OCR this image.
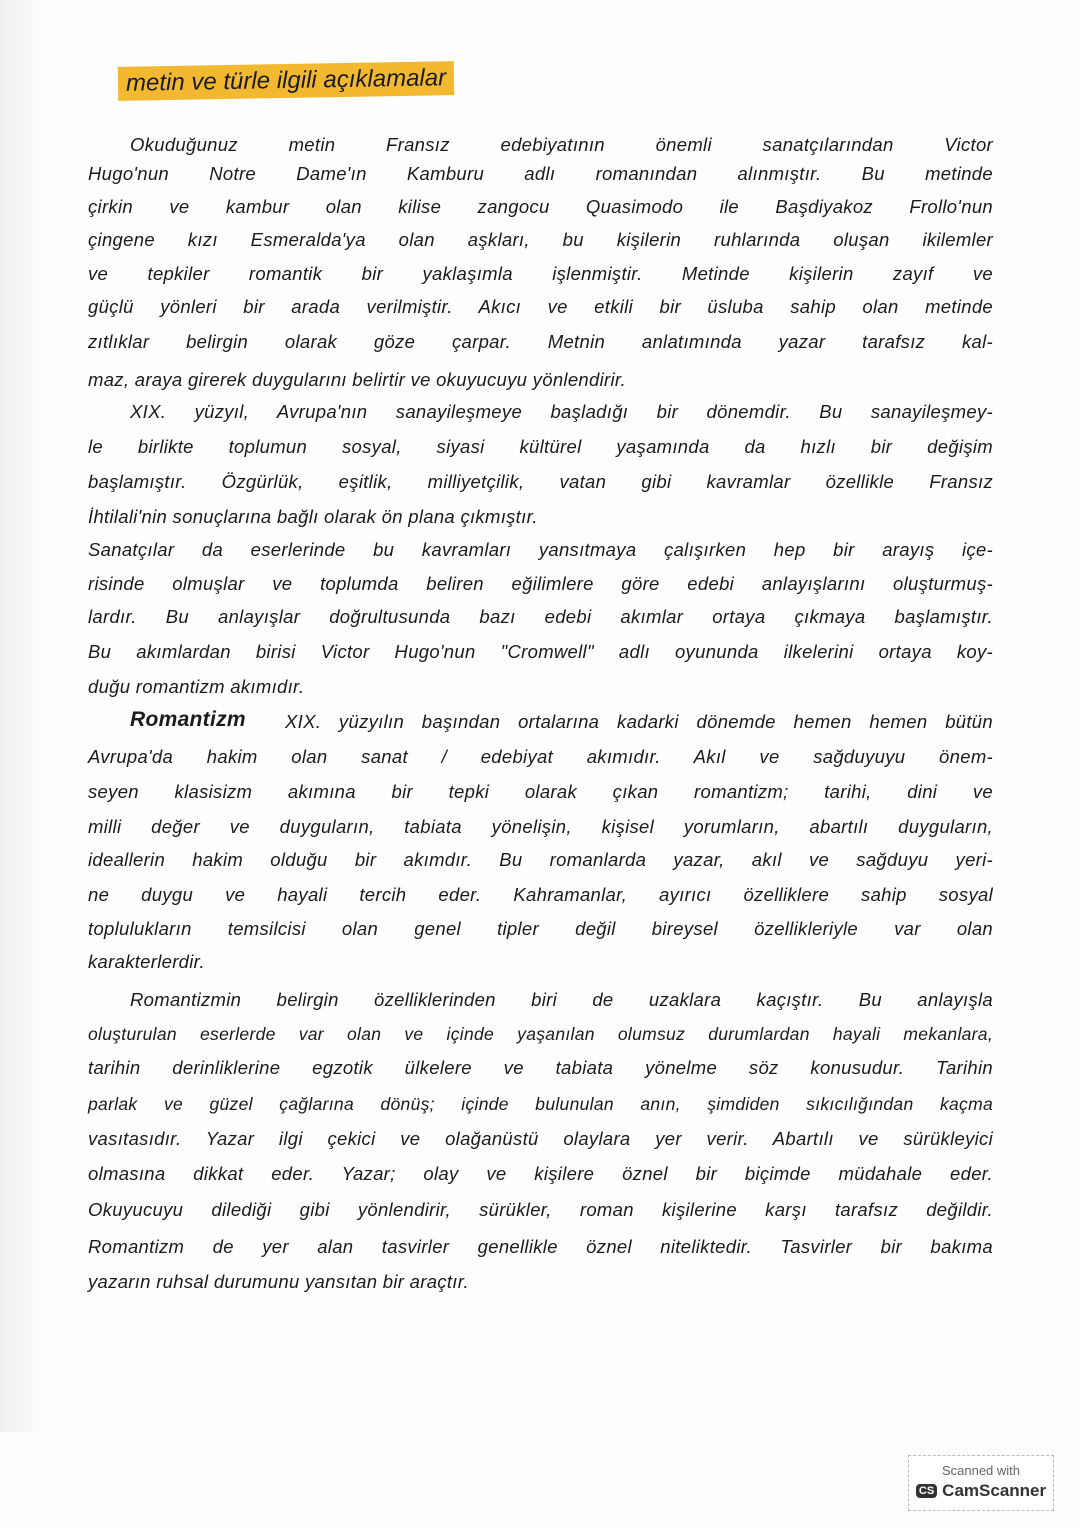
metin ve türle ilgili açıklamalar
Okuduğunuz metin Fransız edebiyatının önemli sanatçılarından Victor
Hugo'nun Notre Dame'ın Kamburu adlı romanından alınmıştır. Bu metinde
çirkin ve kambur olan kilise zangocu Quasimodo ile Başdiyakoz Frollo'nun
çingene kızı Esmeralda'ya olan aşkları, bu kişilerin ruhlarında oluşan ikilemler
ve tepkiler romantik bir yaklaşımla işlenmiştir. Metinde kişilerin zayıf ve
güçlü yönleri bir arada verilmiştir. Akıcı ve etkili bir üsluba sahip olan metinde
zıtlıklar belirgin olarak göze çarpar. Metnin anlatımında yazar tarafsız kal-
maz, araya girerek duygularını belirtir ve okuyucuyu yönlendirir.
XIX. yüzyıl, Avrupa'nın sanayileşmeye başladığı bir dönemdir. Bu sanayileşmey-
le birlikte toplumun sosyal, siyasi kültürel yaşamında da hızlı bir değişim
başlamıştır. Özgürlük, eşitlik, milliyetçilik, vatan gibi kavramlar özellikle Fransız
İhtilali'nin sonuçlarına bağlı olarak ön plana çıkmıştır.
Sanatçılar da eserlerinde bu kavramları yansıtmaya çalışırken hep bir arayış içe-
risinde olmuşlar ve toplumda beliren eğilimlere göre edebi anlayışlarını oluşturmuş-
lardır. Bu anlayışlar doğrultusunda bazı edebi akımlar ortaya çıkmaya başlamıştır.
Bu akımlardan birisi Victor Hugo'nun "Cromwell" adlı oyununda ilkelerini ortaya koy-
duğu romantizm akımıdır.
Romantizm XIX. yüzyılın başından ortalarına kadarki dönemde hemen hemen bütün
Avrupa'da hakim olan sanat / edebiyat akımıdır. Akıl ve sağduyuyu önem-
seyen klasisizm akımına bir tepki olarak çıkan romantizm; tarihi, dini ve
milli değer ve duyguların, tabiata yönelişin, kişisel yorumların, abartılı duyguların,
ideallerin hakim olduğu bir akımdır. Bu romanlarda yazar, akıl ve sağduyu yeri-
ne duygu ve hayali tercih eder. Kahramanlar, ayırıcı özelliklere sahip sosyal
toplulukların temsilcisi olan genel tipler değil bireysel özellikleriyle var olan
karakterlerdir.
Romantizmin belirgin özelliklerinden biri de uzaklara kaçıştır. Bu anlayışla
oluşturulan eserlerde var olan ve içinde yaşanılan olumsuz durumlardan hayali mekanlara,
tarihin derinliklerine egzotik ülkelere ve tabiata yönelme söz konusudur. Tarihin
parlak ve güzel çağlarına dönüş; içinde bulunulan anın, şimdiden sıkıcılığından kaçma
vasıtasıdır. Yazar ilgi çekici ve olağanüstü olaylara yer verir. Abartılı ve sürükleyici
olmasına dikkat eder. Yazar; olay ve kişilere öznel bir biçimde müdahale eder.
Okuyucuyu dilediği gibi yönlendirir, sürükler, roman kişilerine karşı tarafsız değildir.
Romantizm de yer alan tasvirler genellikle öznel niteliktedir. Tasvirler bir bakıma
yazarın ruhsal durumunu yansıtan bir araçtır.
Scanned with
CS CamScanner
